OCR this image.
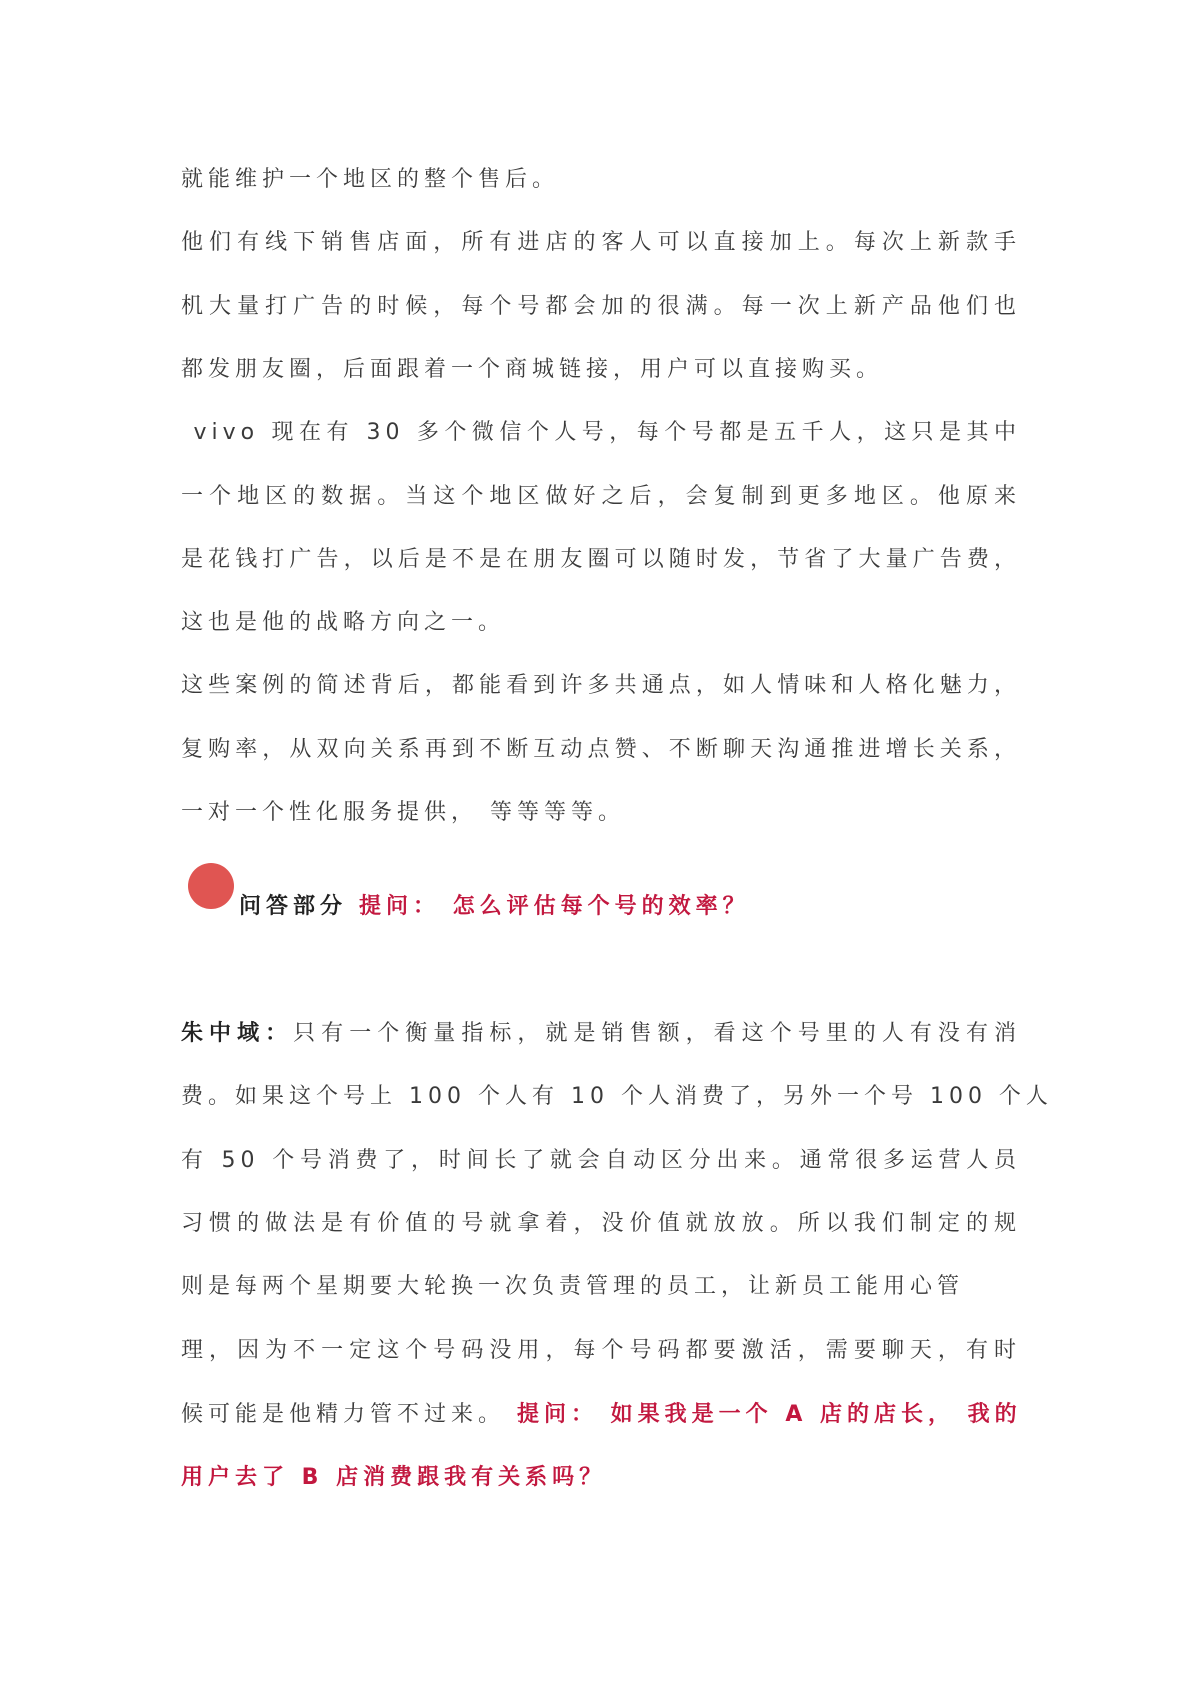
就能维护一个地区的整个售后。
他们有线下销售店面，所有进店的客人可以直接加上。每次上新款手
机大量打广告的时候，每个号都会加的很满。每一次上新产品他们也
都发朋友圈，后面跟着一个商城链接，用户可以直接购买。
vivo 现在有 30 多个微信个人号，每个号都是五千人，这只是其中
一个地区的数据。当这个地区做好之后，会复制到更多地区。他原来
是花钱打广告，以后是不是在朋友圈可以随时发，节省了大量广告费，
这也是他的战略方向之一。
这些案例的简述背后，都能看到许多共通点，如人情味和人格化魅力，
复购率，从双向关系再到不断互动点赞、不断聊天沟通推进增长关系，
一对一个性化服务提供， 等等等等。
问答部分 提问： 怎么评估每个号的效率？
朱中域：只有一个衡量指标，就是销售额，看这个号里的人有没有消
费。如果这个号上 100 个人有 10 个人消费了，另外一个号 100 个人
有 50 个号消费了，时间长了就会自动区分出来。通常很多运营人员
习惯的做法是有价值的号就拿着，没价值就放放。所以我们制定的规
则是每两个星期要大轮换一次负责管理的员工，让新员工能用心管
理，因为不一定这个号码没用，每个号码都要激活，需要聊天，有时
候可能是他精力管不过来。 提问： 如果我是一个 A 店的店长， 我的
用户去了 B 店消费跟我有关系吗？
